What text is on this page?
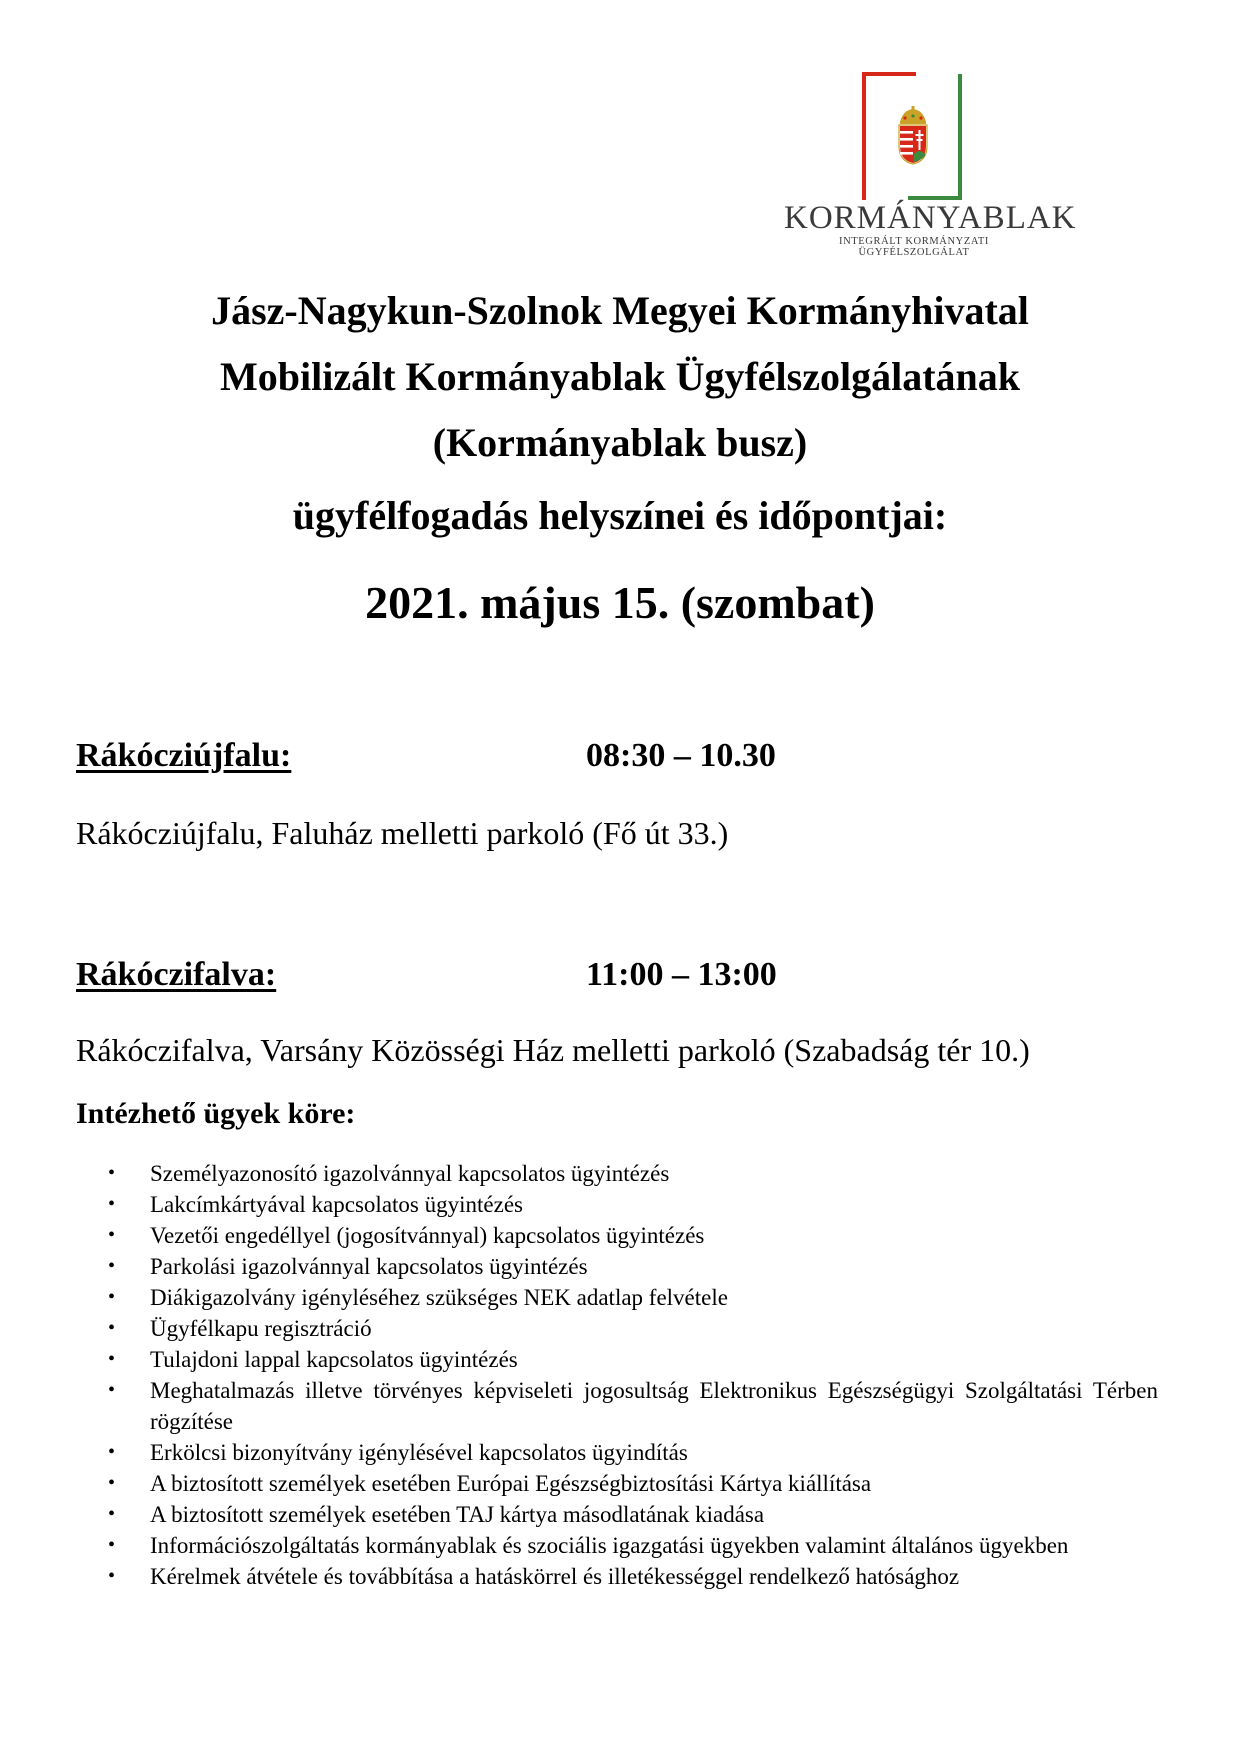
KORMÁNYABLAK
INTEGRÁLT KORMÁNYZATI ÜGYFÉLSZOLGÁLAT
Jász-Nagykun-Szolnok Megyei Kormányhivatal
Mobilizált Kormányablak Ügyfélszolgálatának
(Kormányablak busz)
ügyfélfogadás helyszínei és időpontjai:
2021. május 15. (szombat)
Rákócziújfalu:	08:30 – 10.30
Rákócziújfalu, Faluház melletti parkoló (Fő út 33.)
Rákóczifalva:	11:00 – 13:00
Rákóczifalva, Varsány Közösségi Ház melletti parkoló (Szabadság tér 10.)
Intézhető ügyek köre:
• Személyazonosító igazolvánnyal kapcsolatos ügyintézés
• Lakcímkártyával kapcsolatos ügyintézés
• Vezetői engedéllyel (jogosítvánnyal) kapcsolatos ügyintézés
• Parkolási igazolvánnyal kapcsolatos ügyintézés
• Diákigazolvány igényléséhez szükséges NEK adatlap felvétele
• Ügyfélkapu regisztráció
• Tulajdoni lappal kapcsolatos ügyintézés
• Meghatalmazás illetve törvényes képviseleti jogosultság Elektronikus Egészségügyi Szolgáltatási Térben rögzítése
• Erkölcsi bizonyítvány igénylésével kapcsolatos ügyindítás
• A biztosított személyek esetében Európai Egészségbiztosítási Kártya kiállítása
• A biztosított személyek esetében TAJ kártya másodlatának kiadása
• Információszolgáltatás kormányablak és szociális igazgatási ügyekben valamint általános ügyekben
• Kérelmek átvétele és továbbítása a hatáskörrel és illetékességgel rendelkező hatósághoz
